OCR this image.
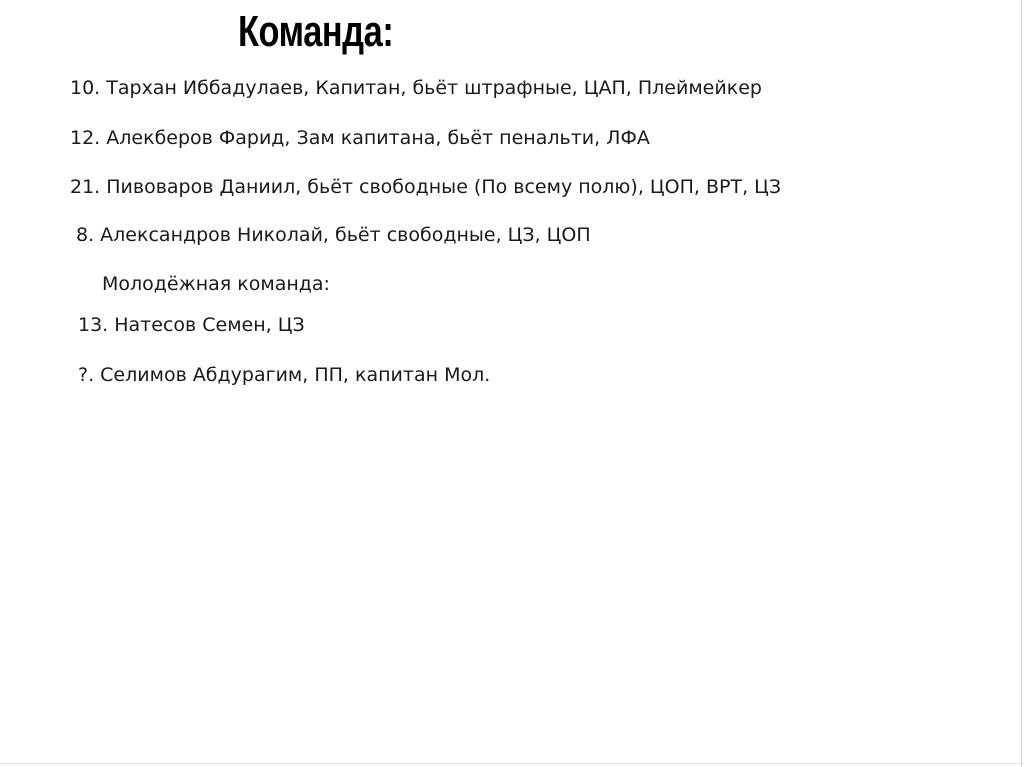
Команда:
10. Тархан Иббадулаев, Капитан, бьёт штрафные, ЦАП, Плеймейкер
12. Алекберов Фарид, Зам капитана, бьёт пенальти, ЛФА
21. Пивоваров Даниил, бьёт свободные (По всему полю), ЦОП, ВРТ, ЦЗ
8. Александров Николай, бьёт свободные, ЦЗ, ЦОП
Молодёжная команда:
13. Натесов Семен, ЦЗ
?. Селимов Абдурагим, ПП, капитан Мол.
